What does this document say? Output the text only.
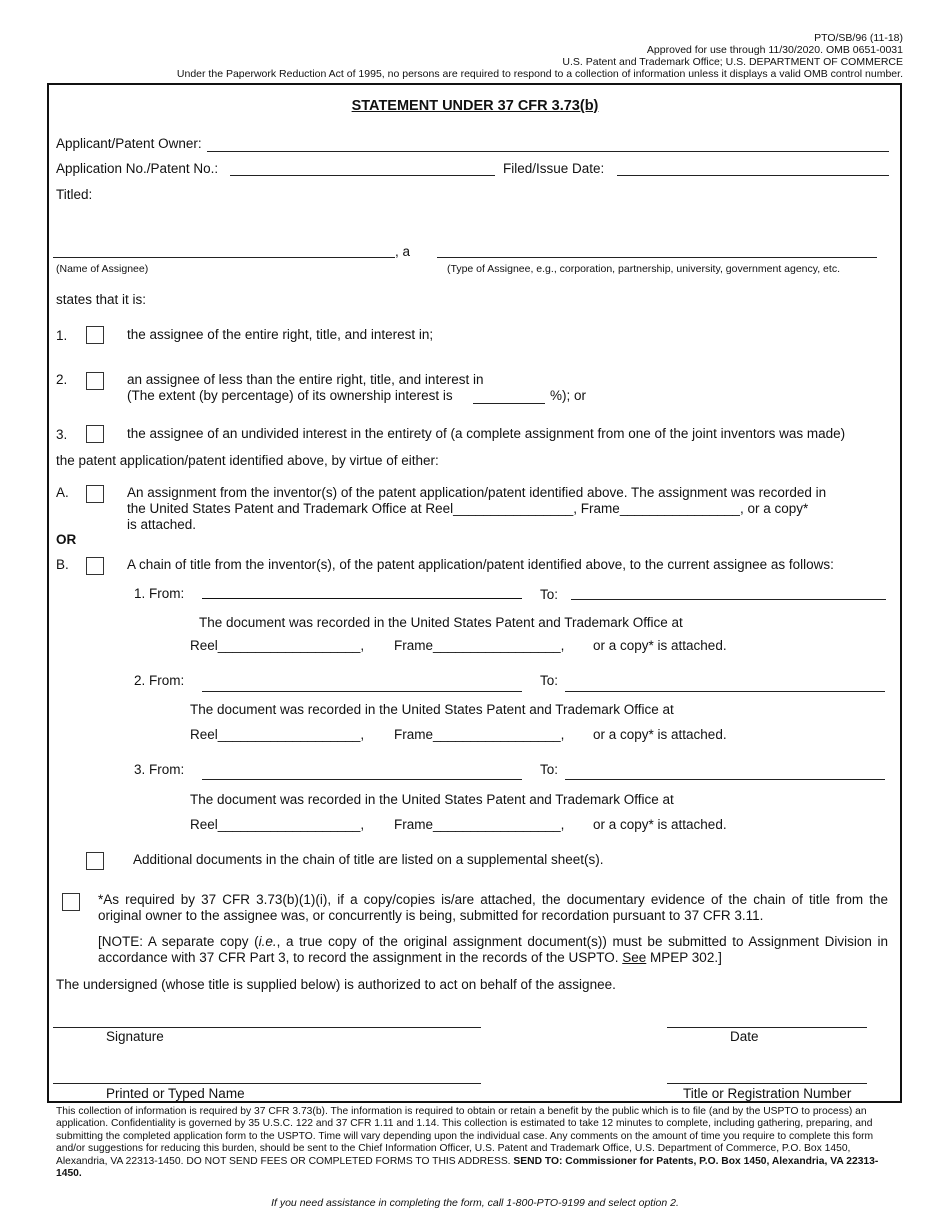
PTO/SB/96 (11-18)
Approved for use through 11/30/2020. OMB 0651-0031
U.S. Patent and Trademark Office; U.S. DEPARTMENT OF COMMERCE
Under the Paperwork Reduction Act of 1995, no persons are required to respond to a collection of information unless it displays a valid OMB control number.
STATEMENT UNDER 37 CFR 3.73(b)
Applicant/Patent Owner:
Application No./Patent No.:	Filed/Issue Date:
Titled:
, a
(Name of Assignee)	(Type of Assignee, e.g., corporation, partnership, university, government agency, etc.
states that it is:
1.	the assignee of the entire right, title, and interest in;
2.	an assignee of less than the entire right, title, and interest in
(The extent (by percentage) of its ownership interest is	%); or
3.	the assignee of an undivided interest in the entirety of (a complete assignment from one of the joint inventors was made)
the patent application/patent identified above, by virtue of either:
A.	An assignment from the inventor(s) of the patent application/patent identified above. The assignment was recorded in
the United States Patent and Trademark Office at Reel________________, Frame________________, or a copy*
is attached.
OR
B.	A chain of title from the inventor(s), of the patent application/patent identified above, to the current assignee as follows:
1. From:	To:
The document was recorded in the United States Patent and Trademark Office at
Reel___________________, Frame_________________, or a copy* is attached.
2. From:	To:
The document was recorded in the United States Patent and Trademark Office at
Reel___________________, Frame_________________, or a copy* is attached.
3. From:	To:
The document was recorded in the United States Patent and Trademark Office at
Reel___________________, Frame_________________, or a copy* is attached.
Additional documents in the chain of title are listed on a supplemental sheet(s).
*As required by 37 CFR 3.73(b)(1)(i), if a copy/copies is/are attached, the documentary evidence of the chain of title from the original owner to the assignee was, or concurrently is being, submitted for recordation pursuant to 37 CFR 3.11.
[NOTE: A separate copy (i.e., a true copy of the original assignment document(s)) must be submitted to Assignment Division in accordance with 37 CFR Part 3, to record the assignment in the records of the USPTO. See MPEP 302.]
The undersigned (whose title is supplied below) is authorized to act on behalf of the assignee.
Signature	Date
Printed or Typed Name	Title or Registration Number
This collection of information is required by 37 CFR 3.73(b). The information is required to obtain or retain a benefit by the public which is to file (and by the USPTO to process) an application. Confidentiality is governed by 35 U.S.C. 122 and 37 CFR 1.11 and 1.14. This collection is estimated to take 12 minutes to complete, including gathering, preparing, and submitting the completed application form to the USPTO. Time will vary depending upon the individual case. Any comments on the amount of time you require to complete this form and/or suggestions for reducing this burden, should be sent to the Chief Information Officer, U.S. Patent and Trademark Office, U.S. Department of Commerce, P.O. Box 1450, Alexandria, VA 22313-1450. DO NOT SEND FEES OR COMPLETED FORMS TO THIS ADDRESS. SEND TO: Commissioner for Patents, P.O. Box 1450, Alexandria, VA 22313-1450.
If you need assistance in completing the form, call 1-800-PTO-9199 and select option 2.
